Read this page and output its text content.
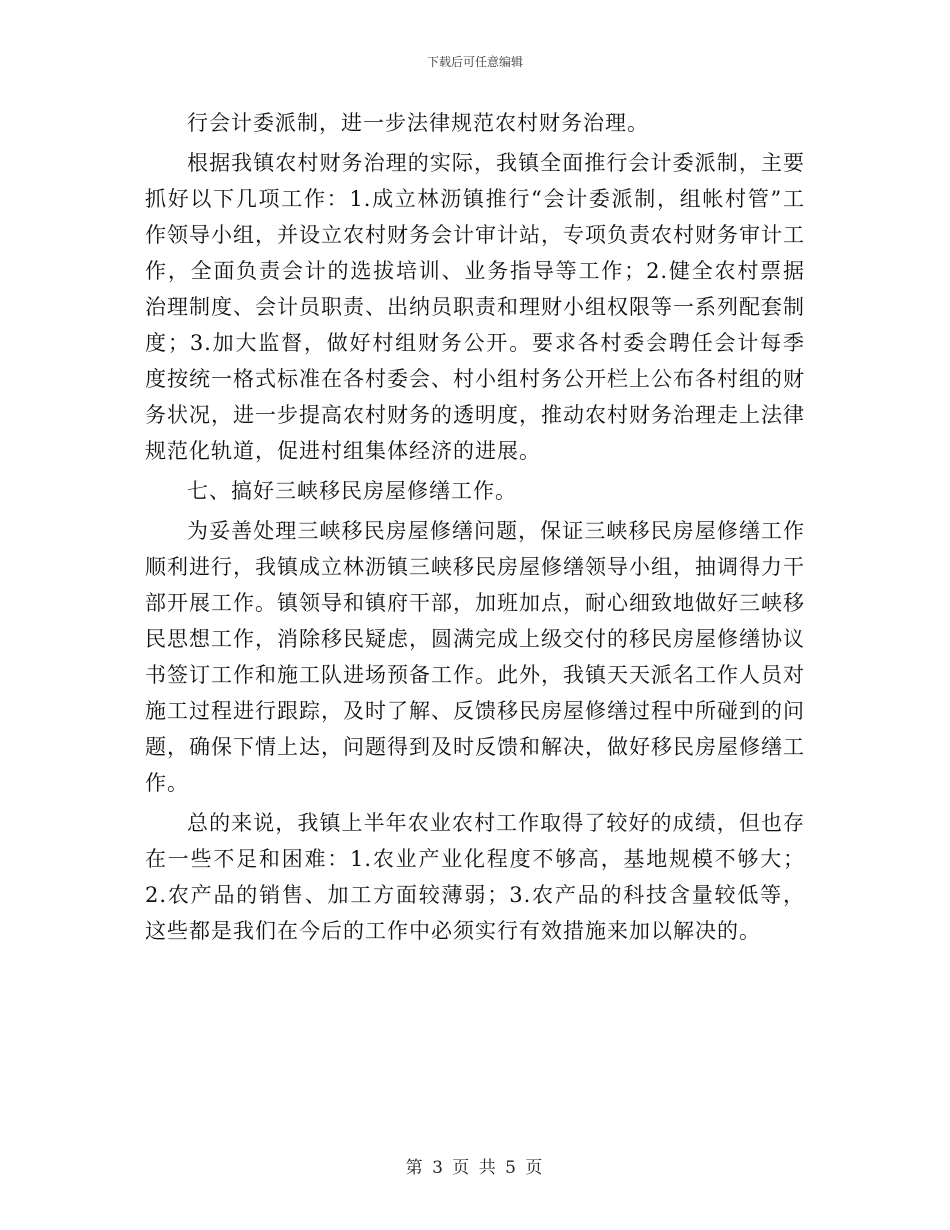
下载后可任意编辑

行会计委派制，进一步法律规范农村财务治理。

根据我镇农村财务治理的实际，我镇全面推行会计委派制，主要抓好以下几项工作：1.成立林沥镇推行“会计委派制，组帐村管”工作领导小组，并设立农村财务会计审计站，专项负责农村财务审计工作，全面负责会计的选拔培训、业务指导等工作；2.健全农村票据治理制度、会计员职责、出纳员职责和理财小组权限等一系列配套制度；3.加大监督，做好村组财务公开。要求各村委会聘任会计每季度按统一格式标准在各村委会、村小组村务公开栏上公布各村组的财务状况，进一步提高农村财务的透明度，推动农村财务治理走上法律规范化轨道，促进村组集体经济的进展。

七、搞好三峡移民房屋修缮工作。

为妥善处理三峡移民房屋修缮问题，保证三峡移民房屋修缮工作顺利进行，我镇成立林沥镇三峡移民房屋修缮领导小组，抽调得力干部开展工作。镇领导和镇府干部，加班加点，耐心细致地做好三峡移民思想工作，消除移民疑虑，圆满完成上级交付的移民房屋修缮协议书签订工作和施工队进场预备工作。此外，我镇天天派名工作人员对施工过程进行跟踪，及时了解、反馈移民房屋修缮过程中所碰到的问题，确保下情上达，问题得到及时反馈和解决，做好移民房屋修缮工作。

总的来说，我镇上半年农业农村工作取得了较好的成绩，但也存在一些不足和困难：1.农业产业化程度不够高，基地规模不够大；2.农产品的销售、加工方面较薄弱；3.农产品的科技含量较低等，这些都是我们在今后的工作中必须实行有效措施来加以解决的。

第 3 页 共 5 页
